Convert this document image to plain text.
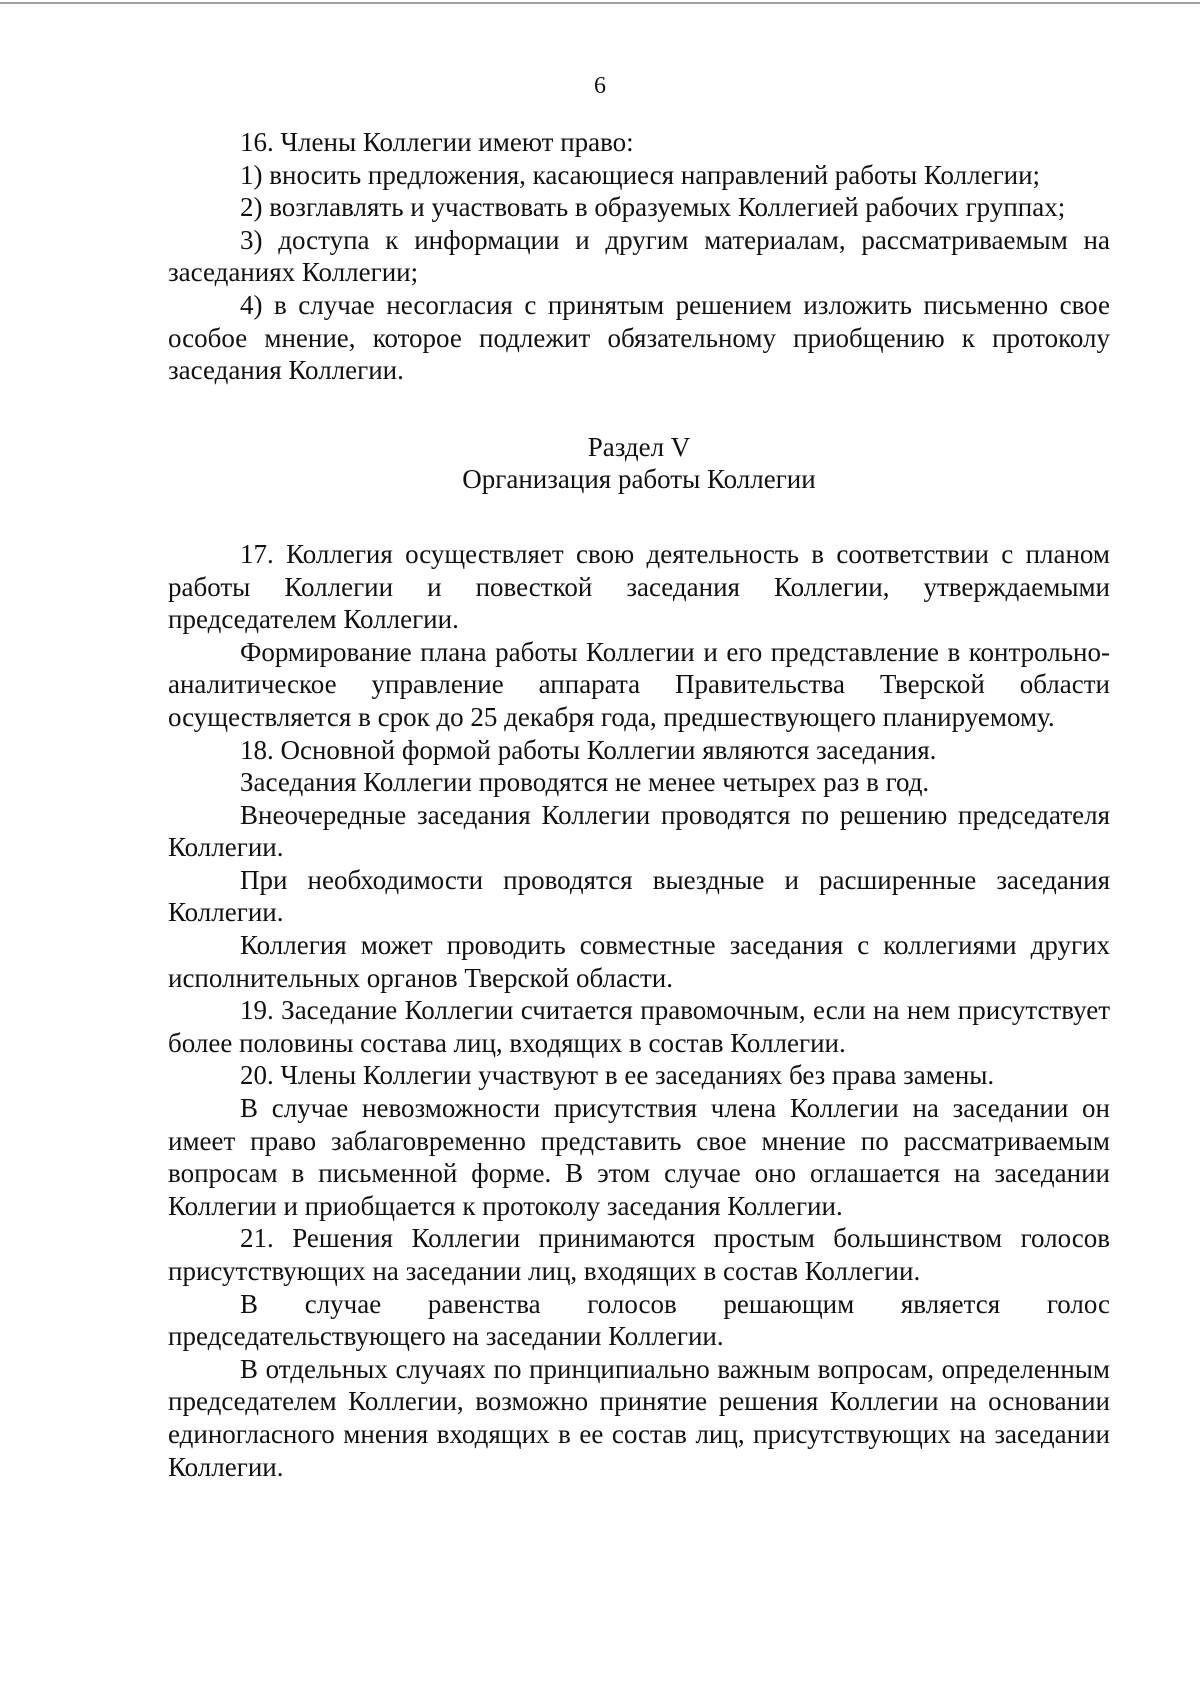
6

16. Члены Коллегии имеют право:

1) вносить предложения, касающиеся направлений работы Коллегии;

2) возглавлять и участвовать в образуемых Коллегией рабочих группах;

3) доступа к информации и другим материалам, рассматриваемым на заседаниях Коллегии;

4) в случае несогласия с принятым решением изложить письменно свое особое мнение, которое подлежит обязательному приобщению к протоколу заседания Коллегии.

Раздел V

Организация работы Коллегии

17. Коллегия осуществляет свою деятельность в соответствии с планом работы Коллегии и повесткой заседания Коллегии, утверждаемыми председателем Коллегии.

Формирование плана работы Коллегии и его представление в контрольно-аналитическое управление аппарата Правительства Тверской области осуществляется в срок до 25 декабря года, предшествующего планируемому.

18. Основной формой работы Коллегии являются заседания.

Заседания Коллегии проводятся не менее четырех раз в год.

Внеочередные заседания Коллегии проводятся по решению председателя Коллегии.

При необходимости проводятся выездные и расширенные заседания Коллегии.

Коллегия может проводить совместные заседания с коллегиями других исполнительных органов Тверской области.

19. Заседание Коллегии считается правомочным, если на нем присутствует более половины состава лиц, входящих в состав Коллегии.

20. Члены Коллегии участвуют в ее заседаниях без права замены.

В случае невозможности присутствия члена Коллегии на заседании он имеет право заблаговременно представить свое мнение по рассматриваемым вопросам в письменной форме. В этом случае оно оглашается на заседании Коллегии и приобщается к протоколу заседания Коллегии.

21. Решения Коллегии принимаются простым большинством голосов присутствующих на заседании лиц, входящих в состав Коллегии.

В случае равенства голосов решающим является голос председательствующего на заседании Коллегии.

В отдельных случаях по принципиально важным вопросам, определенным председателем Коллегии, возможно принятие решения Коллегии на основании единогласного мнения входящих в ее состав лиц, присутствующих на заседании Коллегии.
